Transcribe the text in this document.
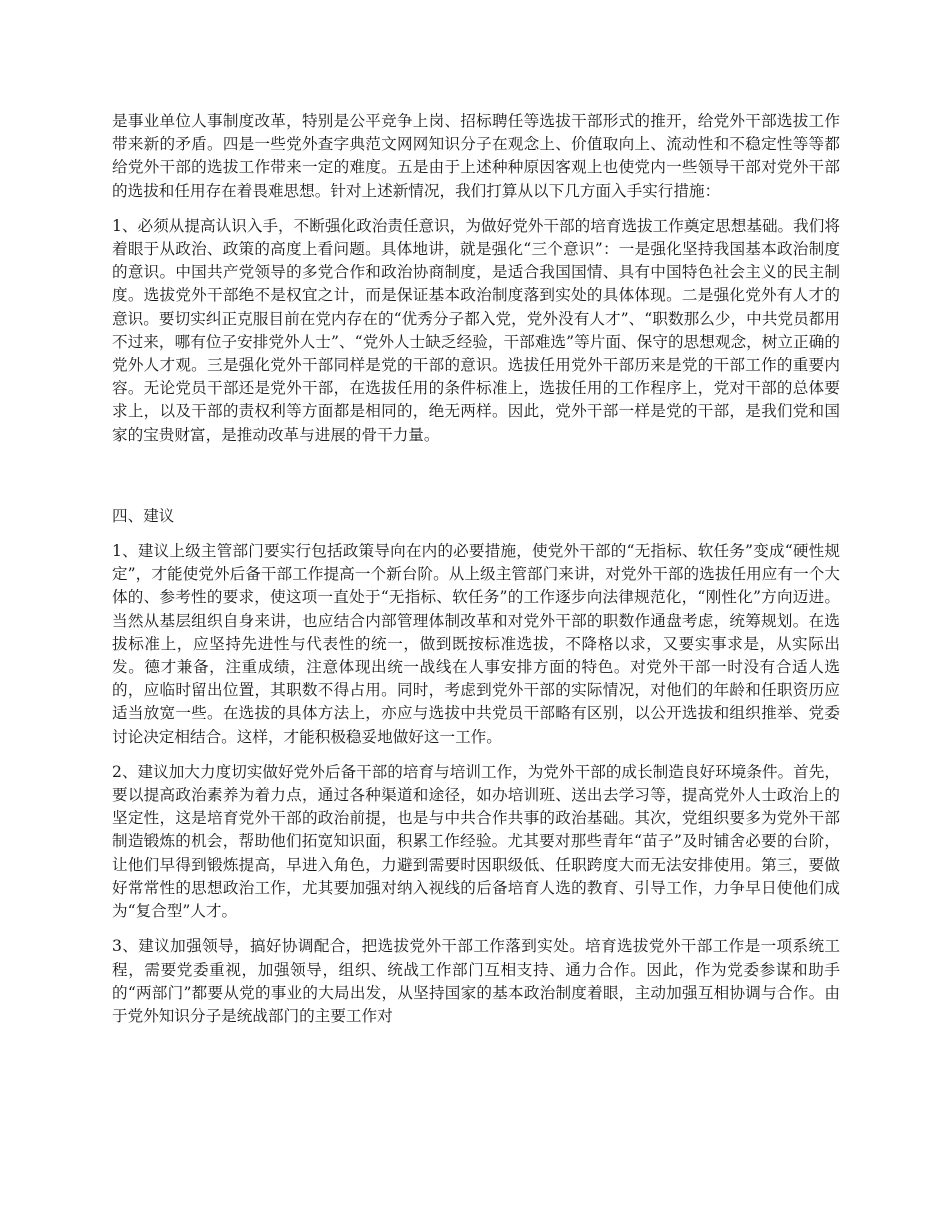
是事业单位人事制度改革，特别是公平竞争上岗、招标聘任等选拔干部形式的推开，给党外干部选拔工作带来新的矛盾。四是一些党外查字典范文网网知识分子在观念上、价值取向上、流动性和不稳定性等等都给党外干部的选拔工作带来一定的难度。五是由于上述种种原因客观上也使党内一些领导干部对党外干部的选拔和任用存在着畏难思想。针对上述新情况，我们打算从以下几方面入手实行措施：

1、必须从提高认识入手，不断强化政治责任意识，为做好党外干部的培育选拔工作奠定思想基础。我们将着眼于从政治、政策的高度上看问题。具体地讲，就是强化“三个意识”：一是强化坚持我国基本政治制度的意识。中国共产党领导的多党合作和政治协商制度，是适合我国国情、具有中国特色社会主义的民主制度。选拔党外干部绝不是权宜之计，而是保证基本政治制度落到实处的具体体现。二是强化党外有人才的意识。要切实纠正克服目前在党内存在的“优秀分子都入党，党外没有人才”、“职数那么少，中共党员都用不过来，哪有位子安排党外人士”、“党外人士缺乏经验，干部难选”等片面、保守的思想观念，树立正确的党外人才观。三是强化党外干部同样是党的干部的意识。选拔任用党外干部历来是党的干部工作的重要内容。无论党员干部还是党外干部，在选拔任用的条件标准上，选拔任用的工作程序上，党对干部的总体要求上，以及干部的责权利等方面都是相同的，绝无两样。因此，党外干部一样是党的干部，是我们党和国家的宝贵财富，是推动改革与进展的骨干力量。

四、建议

1、建议上级主管部门要实行包括政策导向在内的必要措施，使党外干部的“无指标、软任务”变成“硬性规定”，才能使党外后备干部工作提高一个新台阶。从上级主管部门来讲，对党外干部的选拔任用应有一个大体的、参考性的要求，使这项一直处于“无指标、软任务”的工作逐步向法律规范化，“刚性化”方向迈进。当然从基层组织自身来讲，也应结合内部管理体制改革和对党外干部的职数作通盘考虑，统筹规划。在选拔标准上，应坚持先进性与代表性的统一，做到既按标准选拔，不降格以求，又要实事求是，从实际出发。德才兼备，注重成绩，注意体现出统一战线在人事安排方面的特色。对党外干部一时没有合适人选的，应临时留出位置，其职数不得占用。同时，考虑到党外干部的实际情况，对他们的年龄和任职资历应适当放宽一些。在选拔的具体方法上，亦应与选拔中共党员干部略有区别，以公开选拔和组织推举、党委讨论决定相结合。这样，才能积极稳妥地做好这一工作。

2、建议加大力度切实做好党外后备干部的培育与培训工作，为党外干部的成长制造良好环境条件。首先，要以提高政治素养为着力点，通过各种渠道和途径，如办培训班、送出去学习等，提高党外人士政治上的坚定性，这是培育党外干部的政治前提，也是与中共合作共事的政治基础。其次，党组织要多为党外干部制造锻炼的机会，帮助他们拓宽知识面，积累工作经验。尤其要对那些青年“苗子”及时铺舍必要的台阶，让他们早得到锻炼提高，早进入角色，力避到需要时因职级低、任职跨度大而无法安排使用。第三，要做好常常性的思想政治工作，尤其要加强对纳入视线的后备培育人选的教育、引导工作，力争早日使他们成为“复合型”人才。

3、建议加强领导，搞好协调配合，把选拔党外干部工作落到实处。培育选拔党外干部工作是一项系统工程，需要党委重视，加强领导，组织、统战工作部门互相支持、通力合作。因此，作为党委参谋和助手的“两部门”都要从党的事业的大局出发，从坚持国家的基本政治制度着眼，主动加强互相协调与合作。由于党外知识分子是统战部门的主要工作对
